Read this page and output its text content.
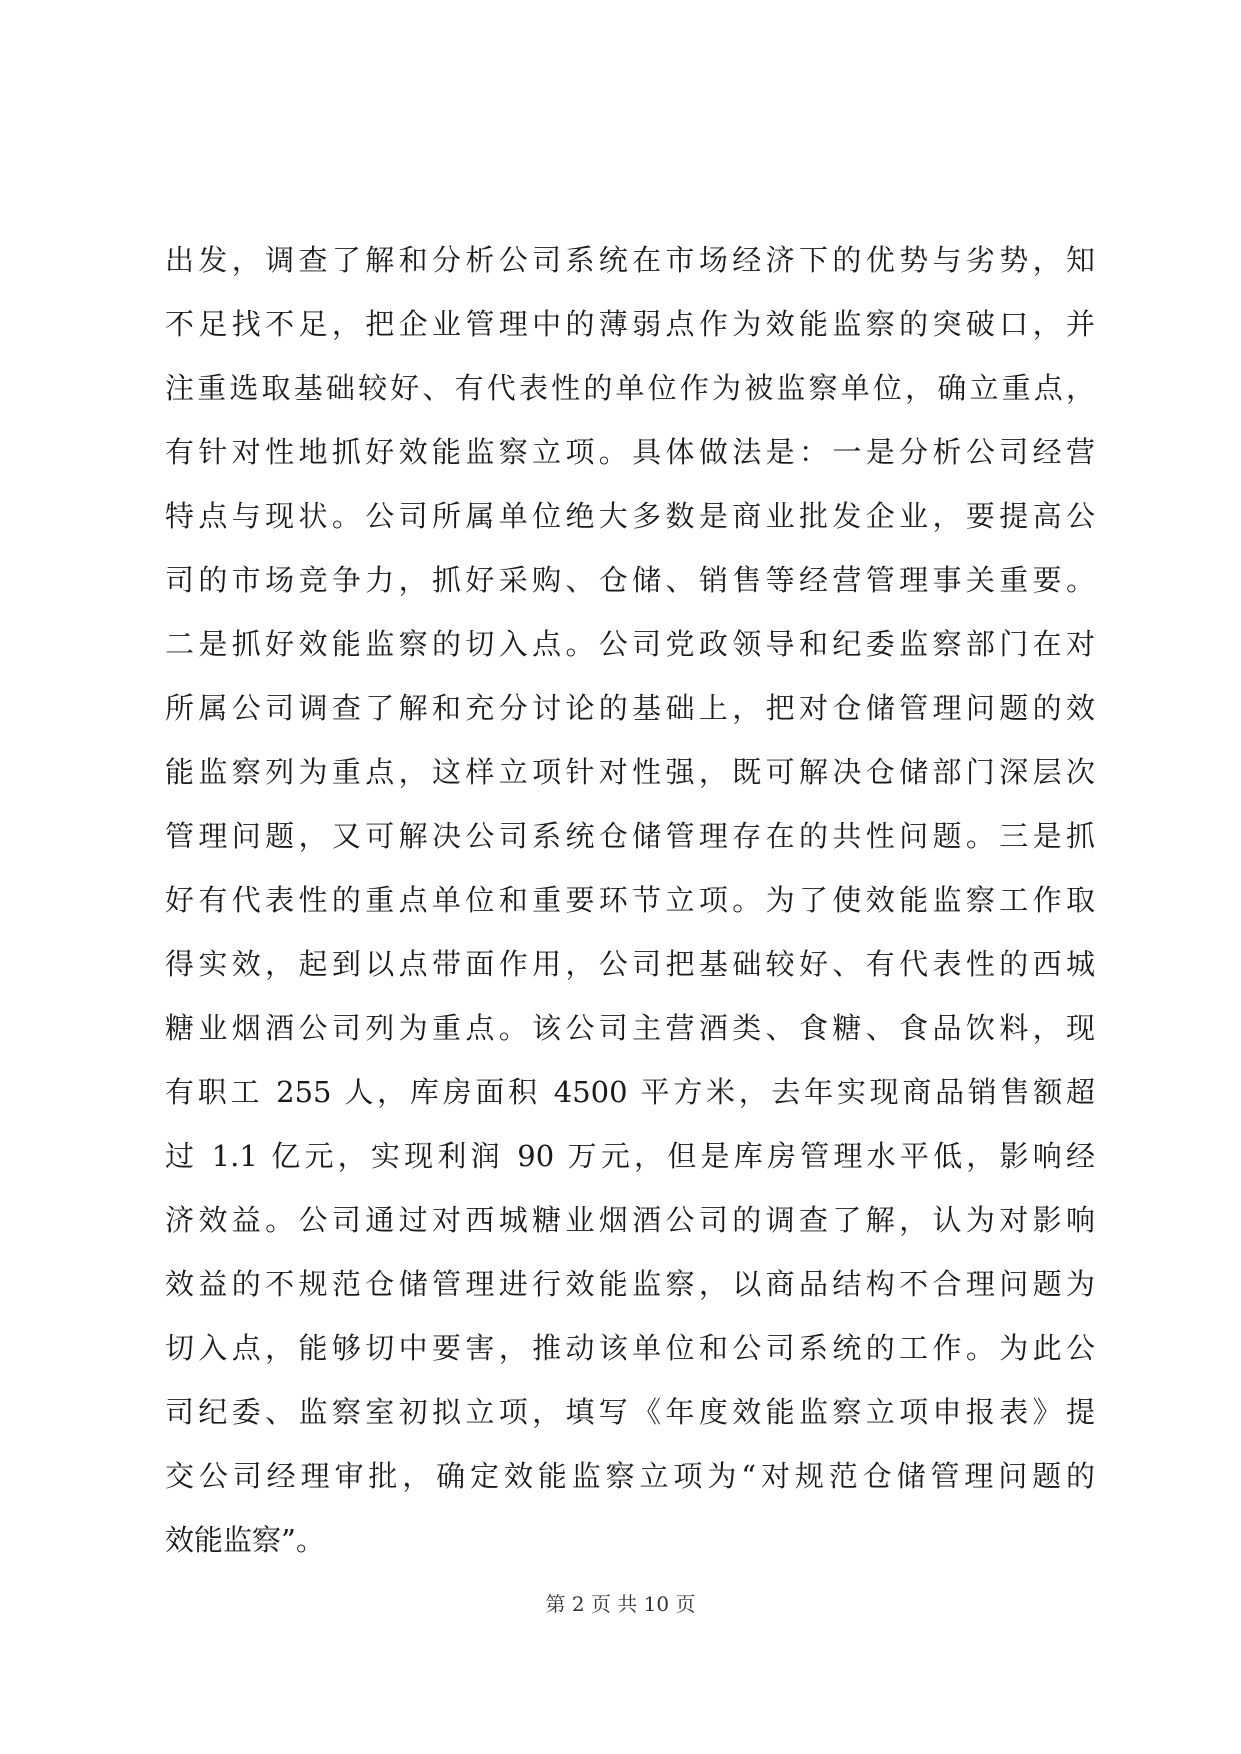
出发，调查了解和分析公司系统在市场经济下的优势与劣势，知
不足找不足，把企业管理中的薄弱点作为效能监察的突破口，并
注重选取基础较好、有代表性的单位作为被监察单位，确立重点，
有针对性地抓好效能监察立项。具体做法是：一是分析公司经营
特点与现状。公司所属单位绝大多数是商业批发企业，要提高公
司的市场竞争力，抓好采购、仓储、销售等经营管理事关重要。
二是抓好效能监察的切入点。公司党政领导和纪委监察部门在对
所属公司调查了解和充分讨论的基础上，把对仓储管理问题的效
能监察列为重点，这样立项针对性强，既可解决仓储部门深层次
管理问题，又可解决公司系统仓储管理存在的共性问题。三是抓
好有代表性的重点单位和重要环节立项。为了使效能监察工作取
得实效，起到以点带面作用，公司把基础较好、有代表性的西城
糖业烟酒公司列为重点。该公司主营酒类、食糖、食品饮料，现
有职工 255 人，库房面积 4500 平方米，去年实现商品销售额超
过 1.1 亿元，实现利润 90 万元，但是库房管理水平低，影响经
济效益。公司通过对西城糖业烟酒公司的调查了解，认为对影响
效益的不规范仓储管理进行效能监察，以商品结构不合理问题为
切入点，能够切中要害，推动该单位和公司系统的工作。为此公
司纪委、监察室初拟立项，填写《年度效能监察立项申报表》提
交公司经理审批，确定效能监察立项为“对规范仓储管理问题的
效能监察”。
第 2 页 共 10 页
